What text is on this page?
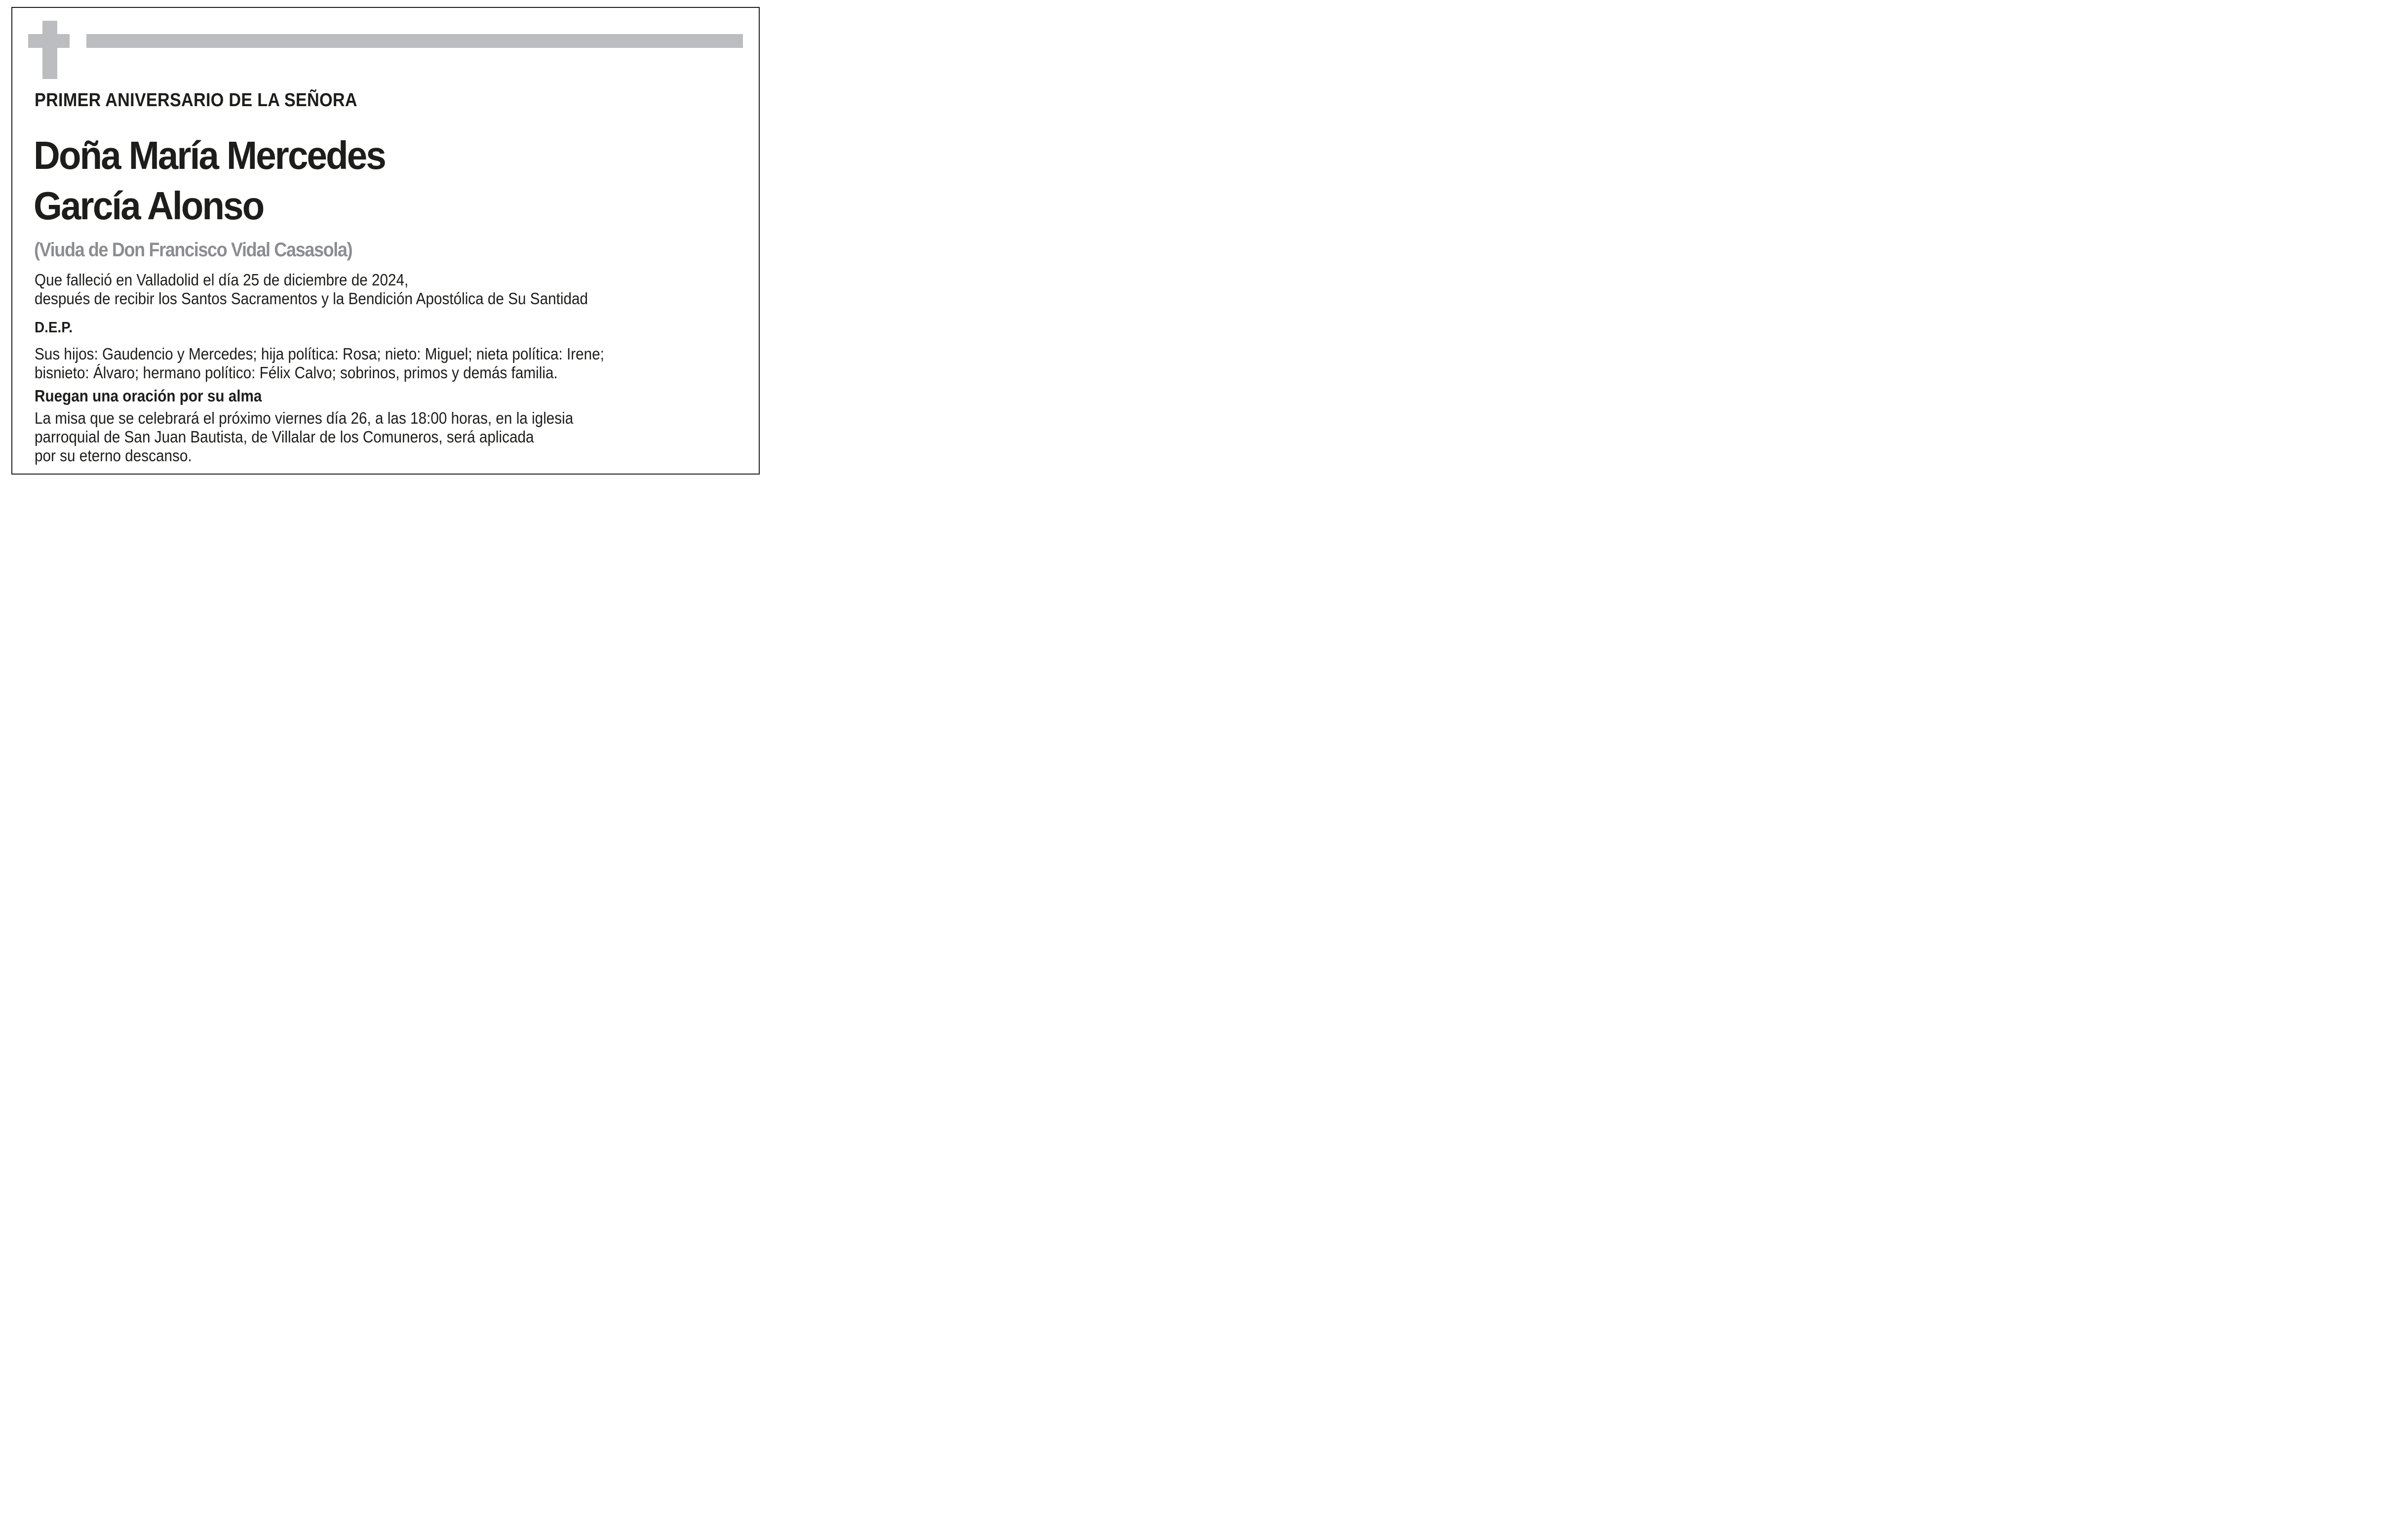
PRIMER ANIVERSARIO DE LA SEÑORA
Doña María Mercedes
García Alonso
(Viuda de Don Francisco Vidal Casasola)
Que falleció en Valladolid el día 25 de diciembre de 2024,
después de recibir los Santos Sacramentos y la Bendición Apostólica de Su Santidad
D.E.P.
Sus hijos: Gaudencio y Mercedes; hija política: Rosa; nieto: Miguel; nieta política: Irene;
bisnieto: Álvaro; hermano político: Félix Calvo; sobrinos, primos y demás familia.
Ruegan una oración por su alma
La misa que se celebrará el próximo viernes día 26, a las 18:00 horas, en la iglesia
parroquial de San Juan Bautista, de Villalar de los Comuneros, será aplicada
por su eterno descanso.
